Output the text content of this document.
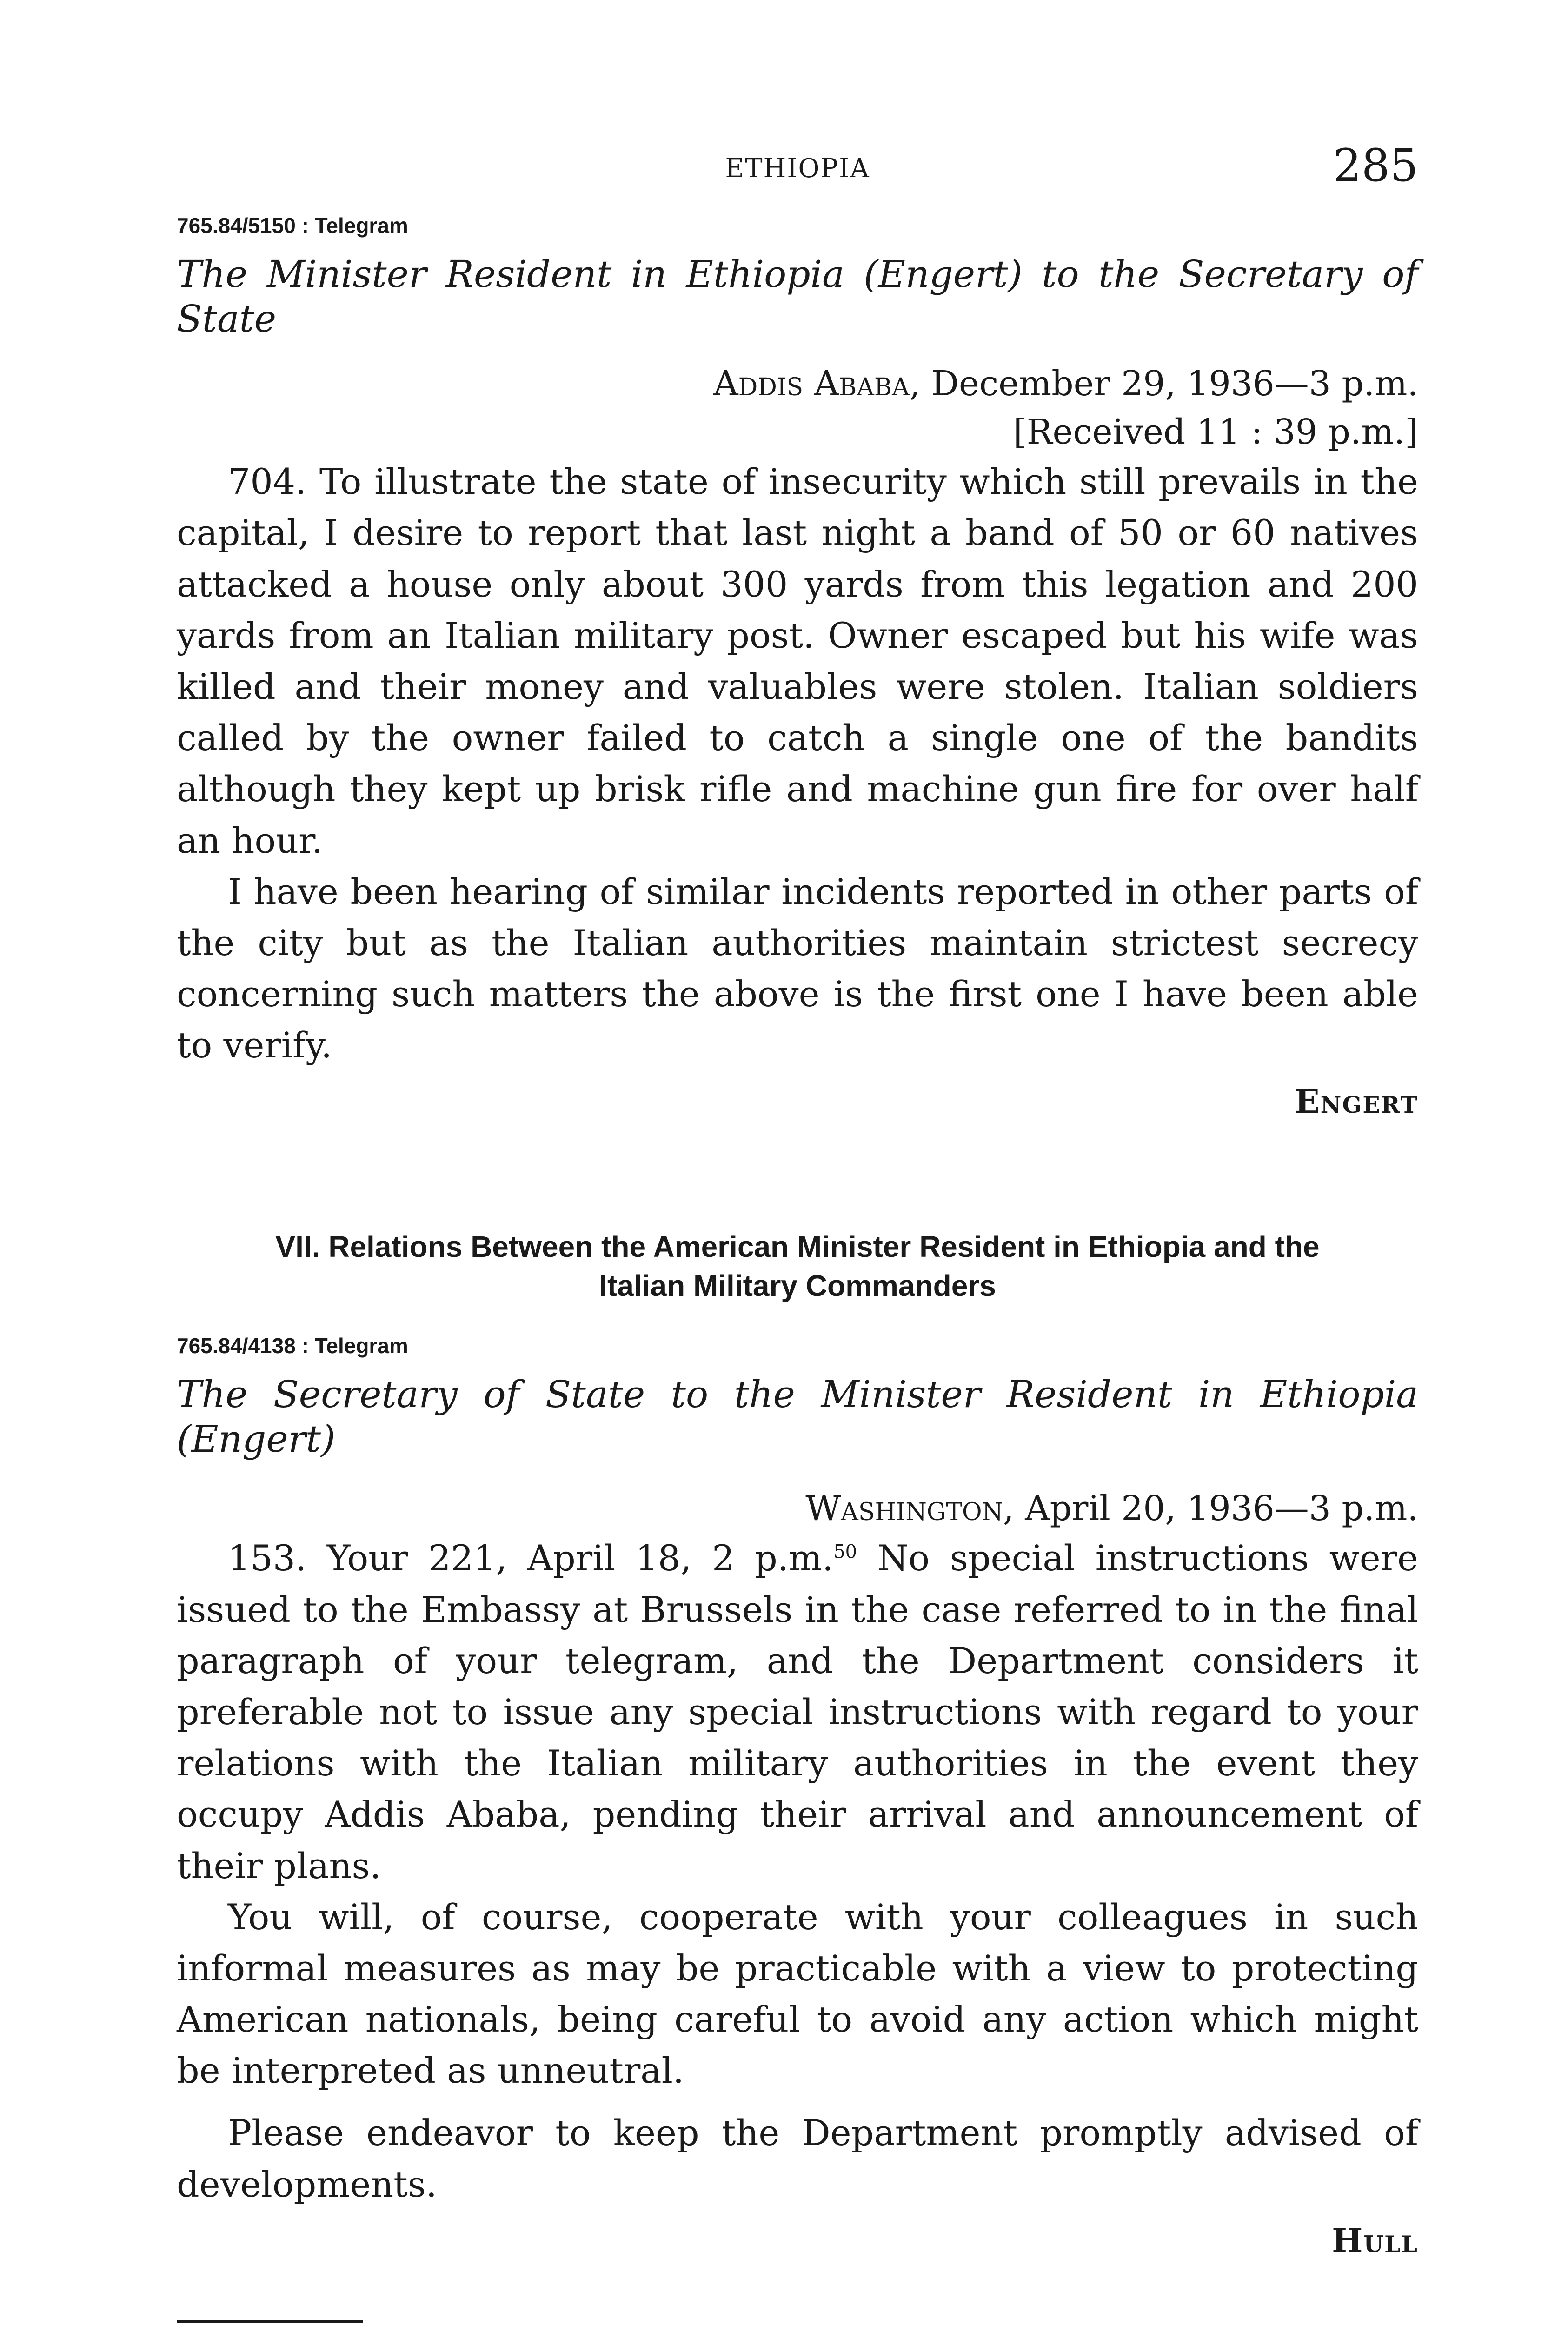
ETHIOPIA	285
765.84/5150 : Telegram
The Minister Resident in Ethiopia (Engert) to the Secretary of State
Addis Ababa, December 29, 1936—3 p.m.
[Received 11 : 39 p.m.]

704. To illustrate the state of insecurity which still prevails in the capital, I desire to report that last night a band of 50 or 60 natives attacked a house only about 300 yards from this legation and 200 yards from an Italian military post. Owner escaped but his wife was killed and their money and valuables were stolen. Italian soldiers called by the owner failed to catch a single one of the bandits although they kept up brisk rifle and machine gun fire for over half an hour.

I have been hearing of similar incidents reported in other parts of the city but as the Italian authorities maintain strictest secrecy concerning such matters the above is the first one I have been able to verify.

Engert
VII. Relations Between the American Minister Resident in Ethiopia and the
Italian Military Commanders
765.84/4138 : Telegram
The Secretary of State to the Minister Resident in Ethiopia (Engert)
Washington, April 20, 1936—3 p.m.

153. Your 221, April 18, 2 p.m.$^{50}$ No special instructions were issued to the Embassy at Brussels in the case referred to in the final paragraph of your telegram, and the Department considers it preferable not to issue any special instructions with regard to your relations with the Italian military authorities in the event they occupy Addis Ababa, pending their arrival and announcement of their plans.

You will, of course, cooperate with your colleagues in such informal measures as may be practicable with a view to protecting American nationals, being careful to avoid any action which might be interpreted as unneutral.

Please endeavor to keep the Department promptly advised of developments.

Hull
